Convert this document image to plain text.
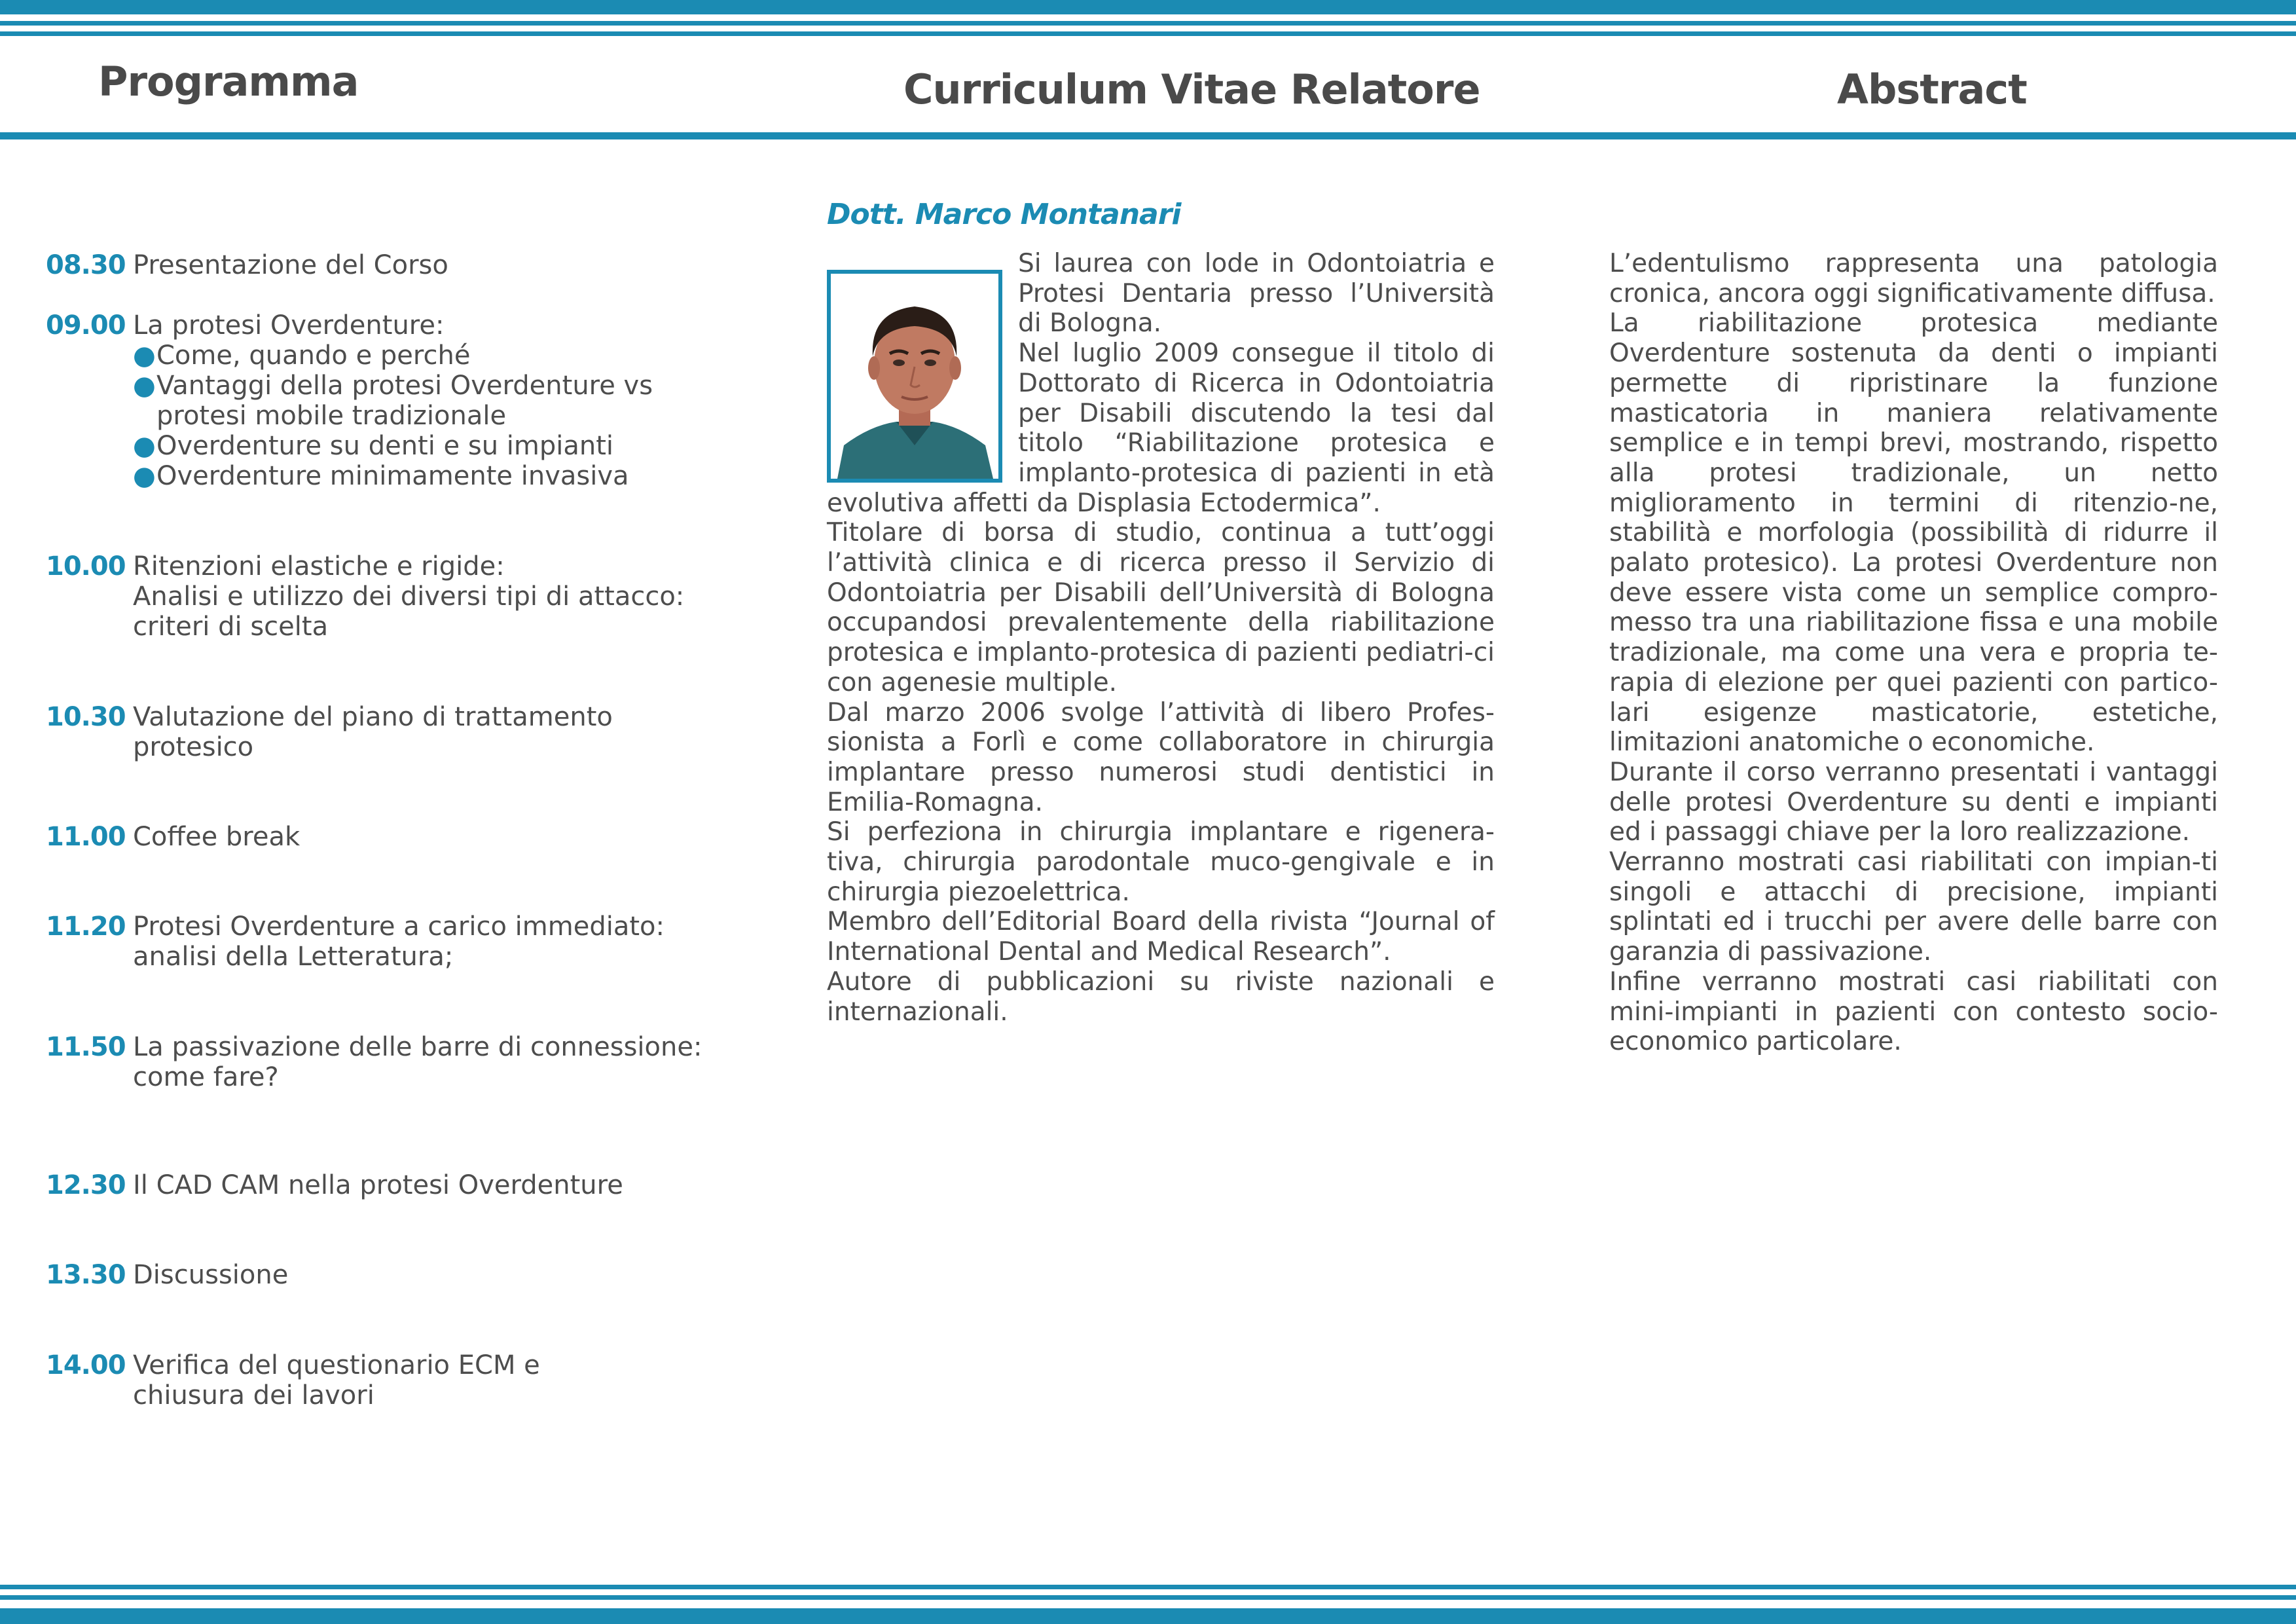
Programma	Curriculum Vitae Relatore	Abstract
08.30 Presentazione del Corso
09.00 La protesi Overdenture:
●Come, quando e perché
●Vantaggi della protesi Overdenture vs
protesi mobile tradizionale
●Overdenture su denti e su impianti
●Overdenture minimamente invasiva
10.00 Ritenzioni elastiche e rigide:
Analisi e utilizzo dei diversi tipi di attacco:
criteri di scelta
10.30 Valutazione del piano di trattamento
protesico
11.00 Coffee break
11.20 Protesi Overdenture a carico immediato:
analisi della Letteratura;
11.50 La passivazione delle barre di connessione:
come fare?
12.30 Il CAD CAM nella protesi Overdenture
13.30 Discussione
14.00 Verifica del questionario ECM e
chiusura dei lavori
Dott. Marco Montanari

Si laurea con lode in Odontoiatria e Protesi Dentaria presso l’Università di Bologna.

Nel luglio 2009 consegue il titolo di Dottorato di Ricerca in Odontoiatria per Disabili discutendo la tesi dal titolo “Riabilitazione protesica e implanto-protesica di pazienti in età evolutiva affetti da Displasia Ectodermica”.

Titolare di borsa di studio, continua a tutt’oggi l’attività clinica e di ricerca presso il Servizio di Odontoiatria per Disabili dell’Università di Bologna occupandosi prevalentemente della riabilitazione protesica e implanto-protesica di pazienti pediatri-ci con agenesie multiple.

Dal marzo 2006 svolge l’attività di libero Profes-sionista a Forlì e come collaboratore in chirurgia implantare presso numerosi studi dentistici in Emilia-Romagna.

Si perfeziona in chirurgia implantare e rigenera-tiva, chirurgia parodontale muco-gengivale e in chirurgia piezoelettrica.

Membro dell’Editorial Board della rivista “Journal of International Dental and Medical Research”.

Autore di pubblicazioni su riviste nazionali e internazionali.

L’edentulismo rappresenta una patologia cronica, ancora oggi significativamente diffusa.

La riabilitazione protesica mediante Overdenture sostenuta da denti o impianti permette di ripristinare la funzione masticatoria in maniera relativamente semplice e in tempi brevi, mostrando, rispetto alla protesi tradizionale, un netto miglioramento in termini di ritenzio-ne, stabilità e morfologia (possibilità di ridurre il palato protesico). La protesi Overdenture non deve essere vista come un semplice compro-messo tra una riabilitazione fissa e una mobile tradizionale, ma come una vera e propria te-rapia di elezione per quei pazienti con partico-lari esigenze masticatorie, estetiche, limitazioni anatomiche o economiche.

Durante il corso verranno presentati i vantaggi delle protesi Overdenture su denti e impianti ed i passaggi chiave per la loro realizzazione.

Verranno mostrati casi riabilitati con impian-ti singoli e attacchi di precisione, impianti splintati ed i trucchi per avere delle barre con garanzia di passivazione.

Infine verranno mostrati casi riabilitati con mini-impianti in pazienti con contesto socio-economico particolare.
